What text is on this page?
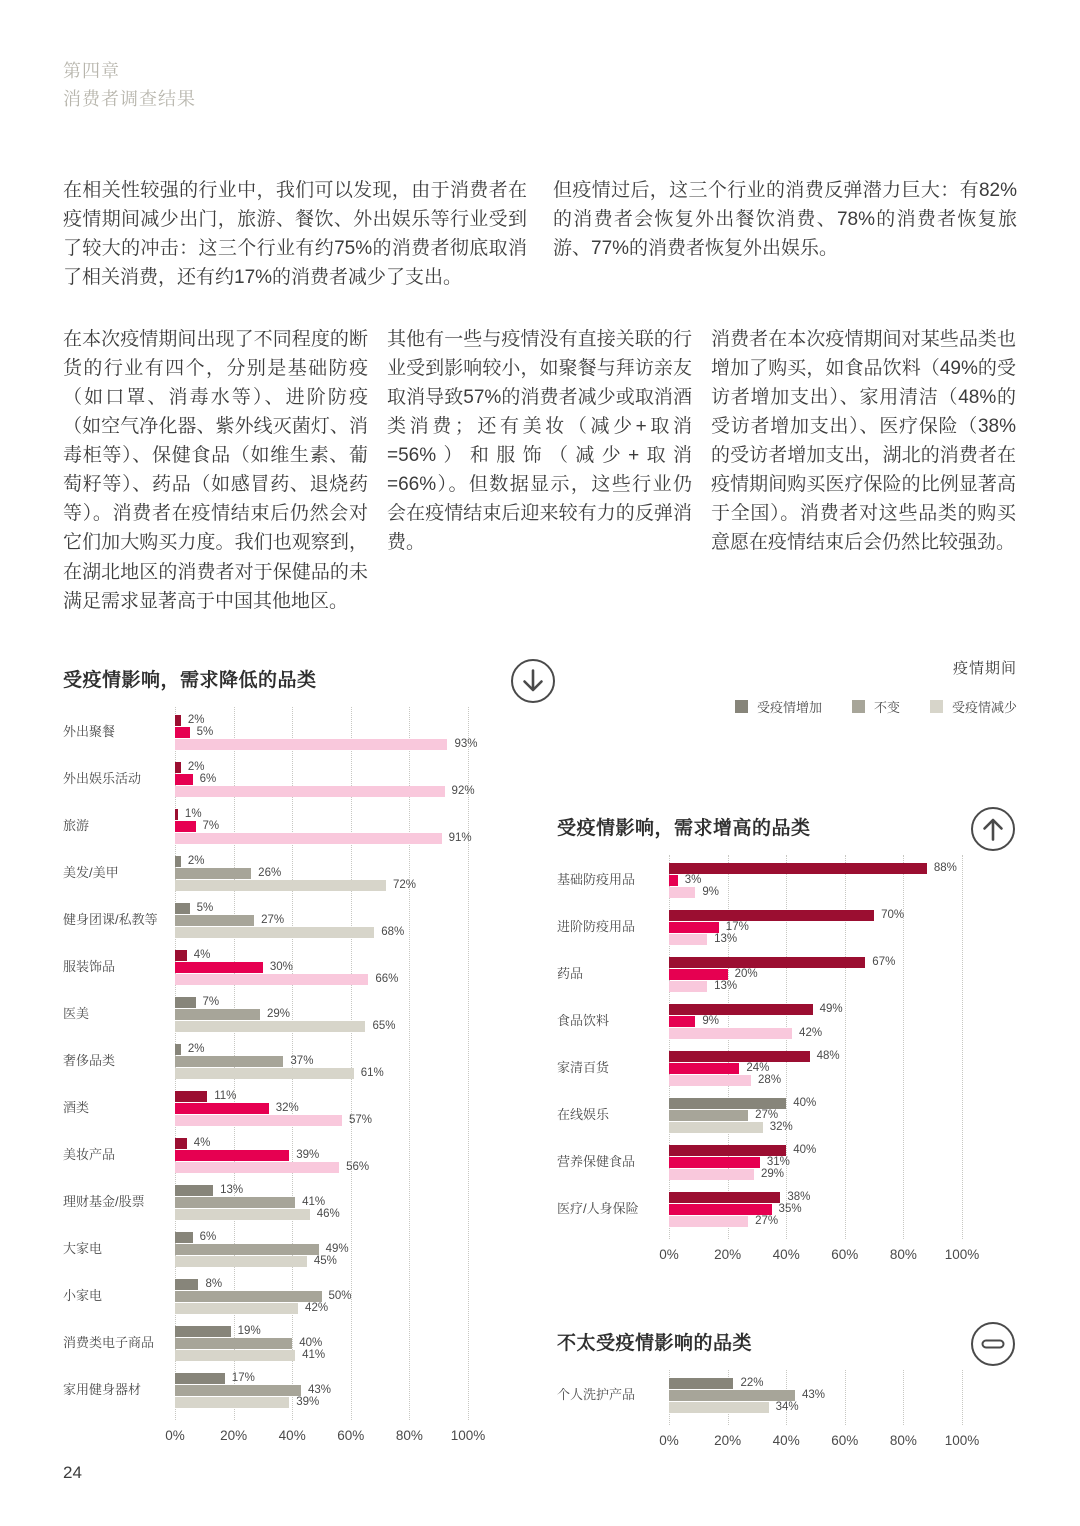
第四章
消费者调查结果

在相关性较强的行业中，我们可以发现，由于消费者在疫情期间减少出门，旅游、餐饮、外出娱乐等行业受到了较大的冲击：这三个行业有约75%的消费者彻底取消了相关消费，还有约17%的消费者减少了支出。

但疫情过后，这三个行业的消费反弹潜力巨大：有82%的消费者会恢复外出餐饮消费、78%的消费者恢复旅游、77%的消费者恢复外出娱乐。

在本次疫情期间出现了不同程度的断货的行业有四个，分别是基础防疫（如口罩、消毒水等）、进阶防疫（如空气净化器、紫外线灭菌灯、消毒柜等）、保健食品（如维生素、葡萄籽等）、药品（如感冒药、退烧药等）。消费者在疫情结束后仍然会对它们加大购买力度。我们也观察到，在湖北地区的消费者对于保健品的未满足需求显著高于中国其他地区。

其他有一些与疫情没有直接关联的行业受到影响较小，如聚餐与拜访亲友取消导致57%的消费者减少或取消酒类消费；还有美妆（减少+取消=56%）和服饰（减少+取消=66%）。但数据显示，这些行业仍会在疫情结束后迎来较有力的反弹消费。

消费者在本次疫情期间对某些品类也增加了购买，如食品饮料（49%的受访者增加支出）、家用清洁（48%的受访者增加支出）、医疗保险（38%的受访者增加支出，湖北的消费者在疫情期间购买医疗保险的比例显著高于全国）。消费者对这些品类的购买意愿在疫情结束后会仍然比较强劲。

受疫情影响，需求降低的品类
外出聚餐
2%
5%
93%
外出娱乐活动
2%
6%
92%
旅游
1%
7%
91%
美发/美甲
2%
26%
72%
健身团课/私教等
5%
27%
68%
服装饰品
4%
30%
66%
医美
7%
29%
65%
奢侈品类
2%
37%
61%
酒类
11%
32%
57%
美妆产品
4%
39%
56%
理财基金/股票
13%
41%
46%
大家电
6%
49%
45%
小家电
8%
50%
42%
消费类电子商品
19%
40%
41%
家用健身器材
17%
43%
39%
0%	20% 40% 60% 80% 100%
疫情期间
受疫情增加	不变	受疫情减少
受疫情影响，需求增高的品类
基础防疫用品
88%
3%
9%
进阶防疫用品
70%
17%
13%
药品
67%
20%
13%
食品饮料
49%
9%
42%
家清百货
48%
24%
28%
在线娱乐
40%
27%
32%
营养保健食品
40%
31%
29%
医疗/人身保险
38%
35%
27%
0%	20% 40% 60% 80% 100%
不太受疫情影响的品类
个人洗护产品
22%
43%
34%
0%	20% 40% 60% 80% 100%
24
